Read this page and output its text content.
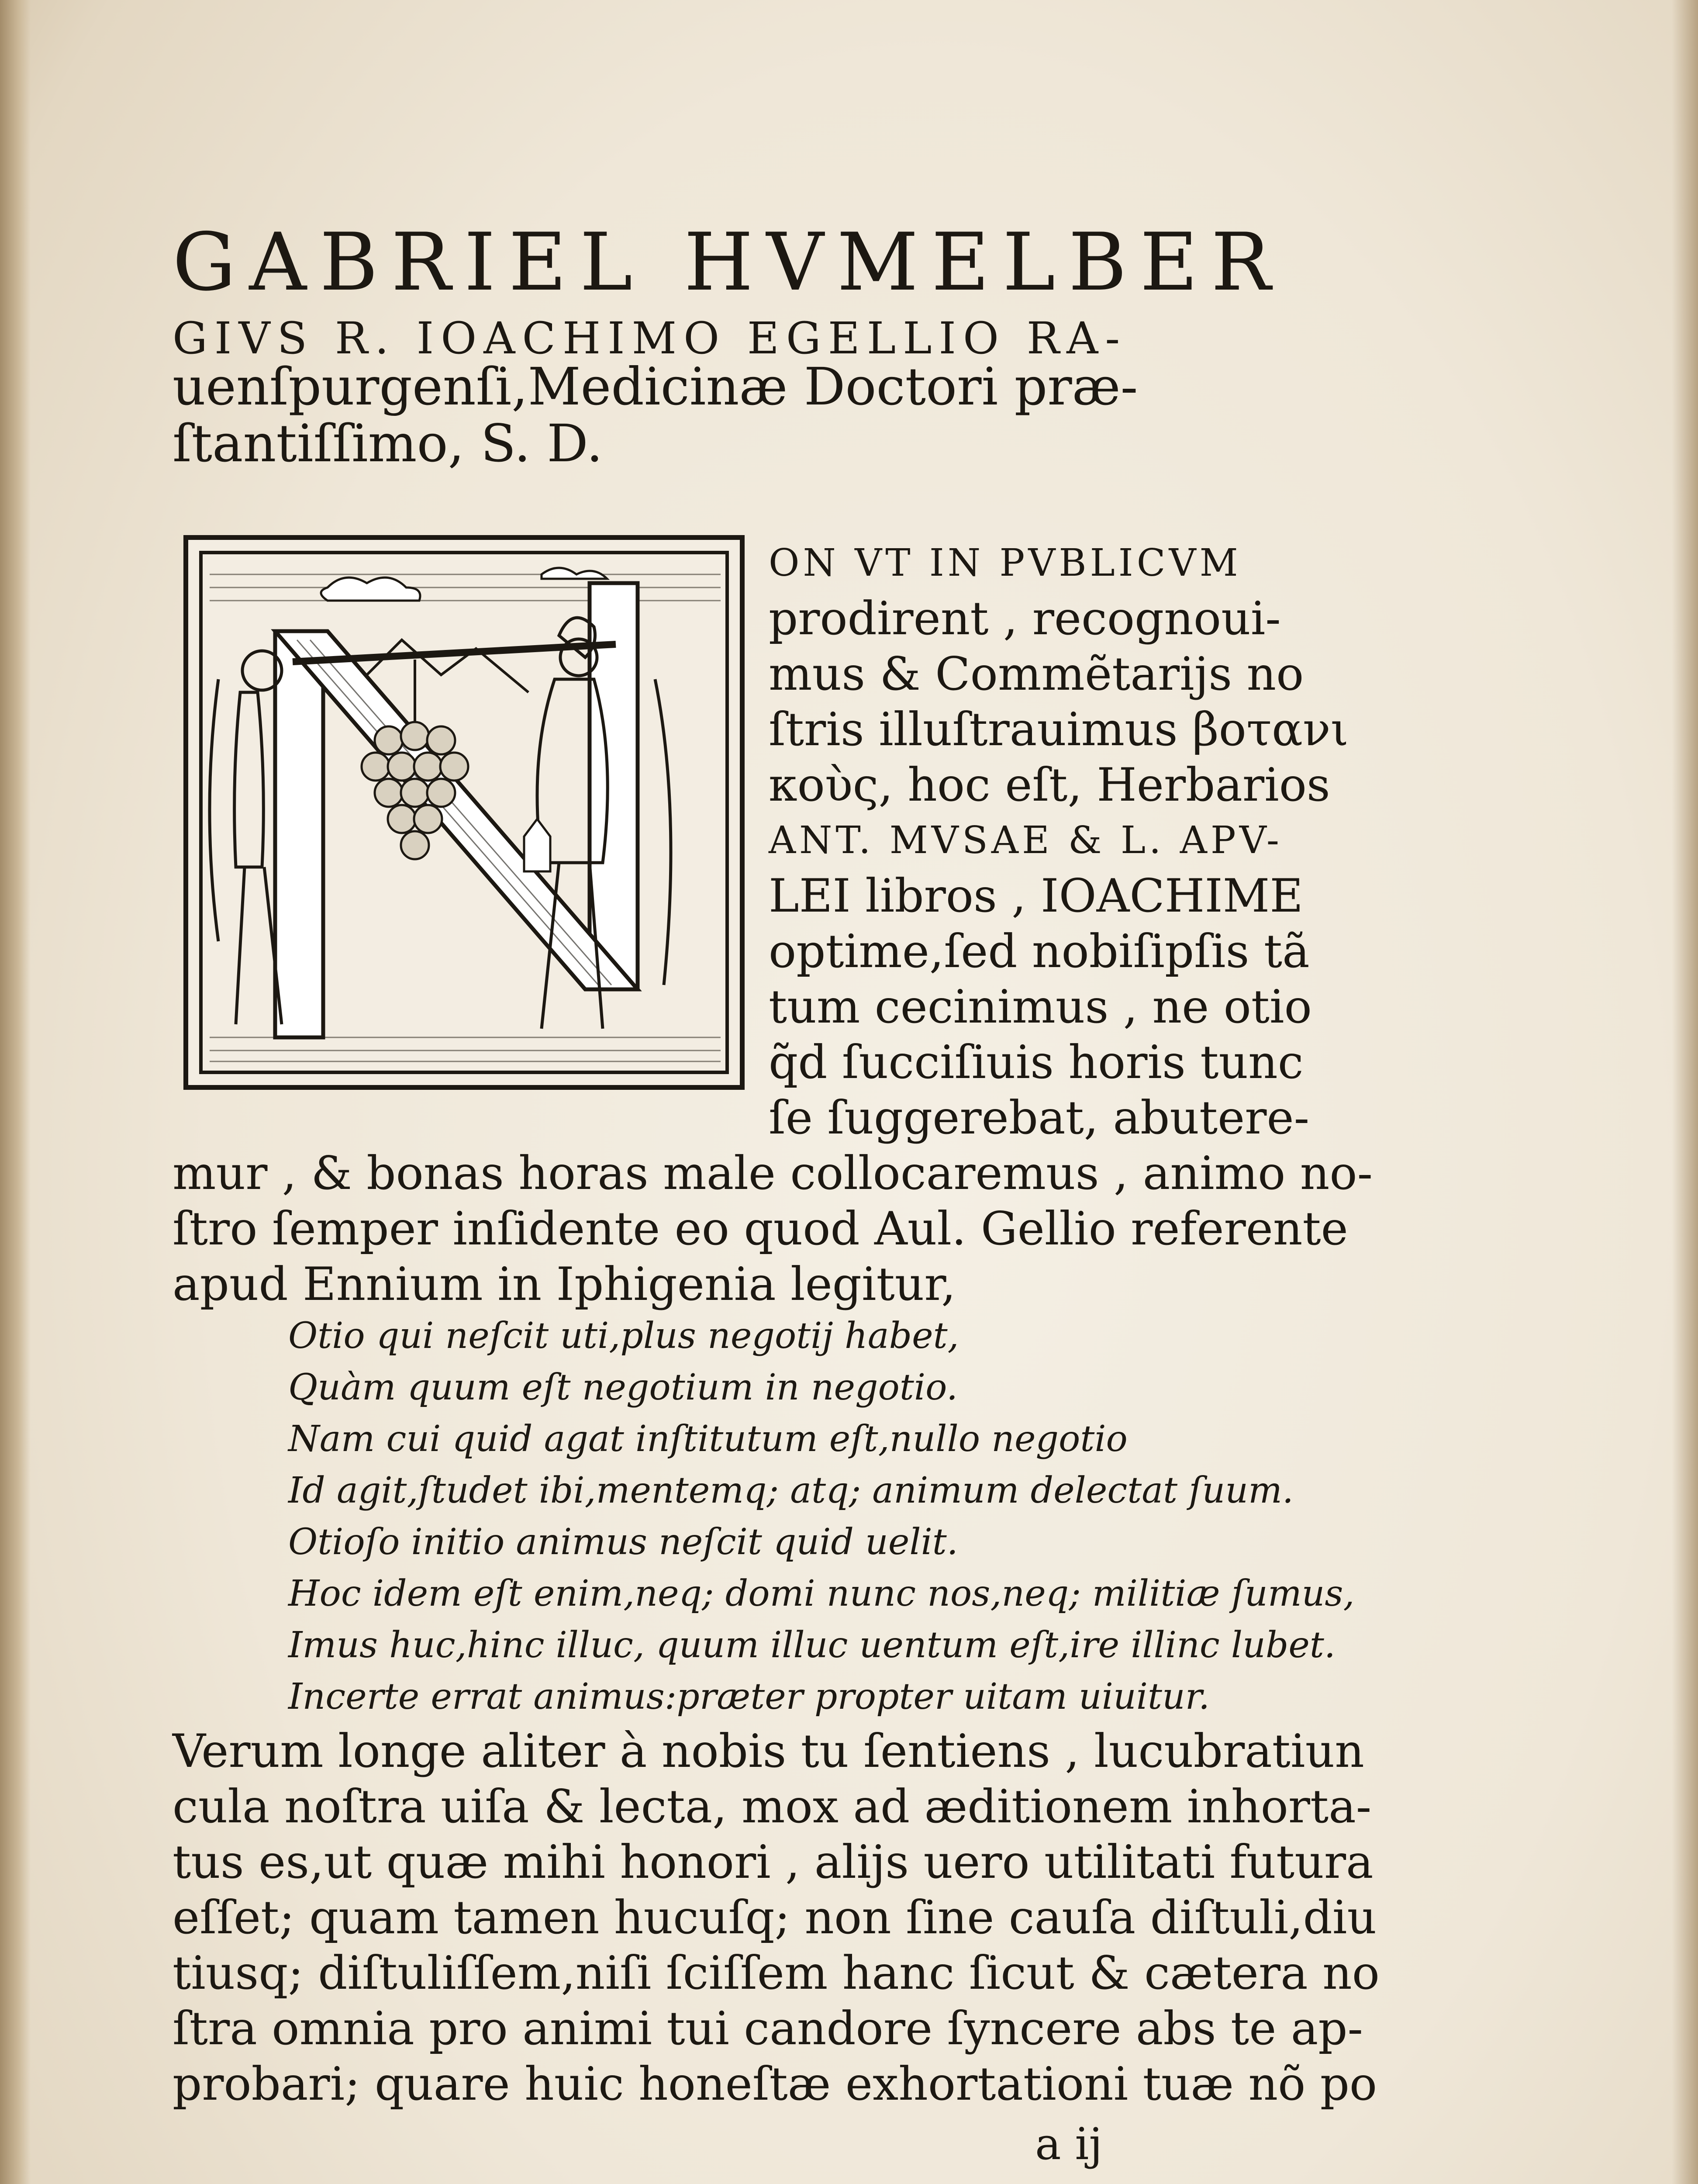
GABRIEL HVMELBER
GIVS R. IOACHIMO EGELLIO RA-
uenſpurgenſi,Medicinæ Doctori præ-
ſtantiſſimo, S. D.
ON VT IN PVBLICVM
prodirent , recognoui-
mus & Commẽtarijs no
ſtris illuſtrauimus βοτανι
κοὺς, hoc eſt, Herbarios
ANT. MVSAE & L. APV-
LEI libros , IOACHIME
optime,ſed nobiſipſis tã
tum cecinimus , ne otio
q̃d ſucciſiuis horis tunc
ſe ſuggerebat, abutere-
mur , & bonas horas male collocaremus , animo no-
ſtro ſemper inſidente eo quod Aul. Gellio referente
apud Ennium in Iphigenia legitur,
Otio qui neſcit uti,plus negotij habet,
Quàm quum eſt negotium in negotio.
Nam cui quid agat inſtitutum eſt,nullo negotio
Id agit,ſtudet ibi,mentemq; atq; animum delectat ſuum.
Otioſo initio animus neſcit quid uelit.
Hoc idem eſt enim,neq; domi nunc nos,neq; militiæ ſumus,
Imus huc,hinc illuc, quum illuc uentum eſt,ire illinc lubet.
Incerte errat animus:præter propter uitam uiuitur.
Verum longe aliter à nobis tu ſentiens , lucubratiun
cula noſtra uiſa & lecta, mox ad æditionem inhorta-
tus es,ut quæ mihi honori , alijs uero utilitati futura
eſſet; quam tamen hucuſq; non ſine cauſa diſtuli,diu
tiusq; diſtuliſſem,niſi ſciſſem hanc ſicut & cætera no
ſtra omnia pro animi tui candore ſyncere abs te ap-
probari; quare huic honeſtæ exhortationi tuæ nõ po
a ij
